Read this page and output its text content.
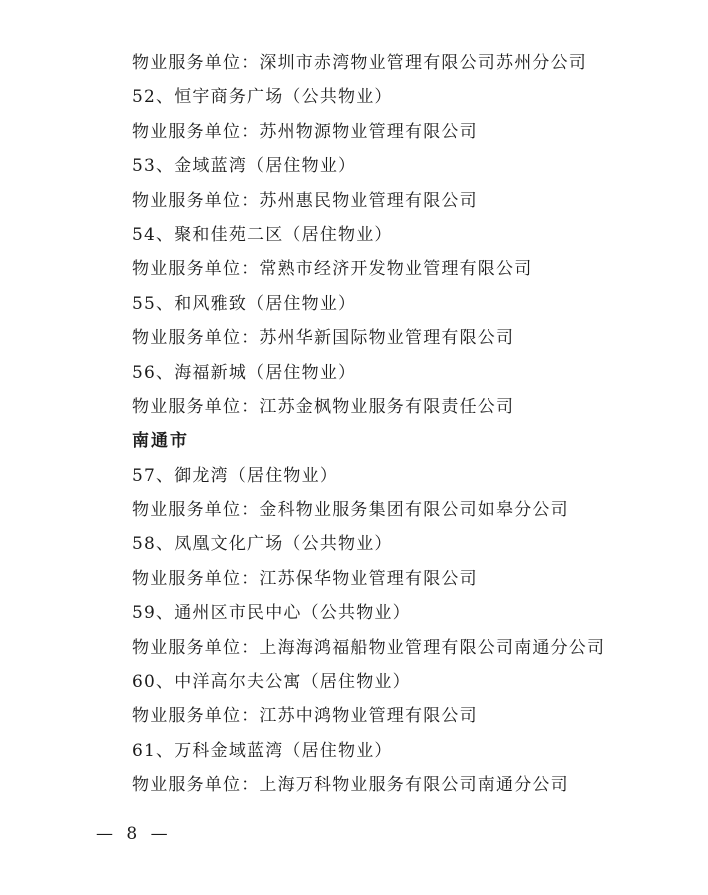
物业服务单位：深圳市赤湾物业管理有限公司苏州分公司
52、恒宇商务广场（公共物业）
物业服务单位：苏州物源物业管理有限公司
53、金域蓝湾（居住物业）
物业服务单位：苏州惠民物业管理有限公司
54、聚和佳苑二区（居住物业）
物业服务单位：常熟市经济开发物业管理有限公司
55、和风雅致（居住物业）
物业服务单位：苏州华新国际物业管理有限公司
56、海福新城（居住物业）
物业服务单位：江苏金枫物业服务有限责任公司
南通市
57、御龙湾（居住物业）
物业服务单位：金科物业服务集团有限公司如皋分公司
58、凤凰文化广场（公共物业）
物业服务单位：江苏保华物业管理有限公司
59、通州区市民中心（公共物业）
物业服务单位：上海海鸿福船物业管理有限公司南通分公司
60、中洋高尔夫公寓（居住物业）
物业服务单位：江苏中鸿物业管理有限公司
61、万科金域蓝湾（居住物业）
物业服务单位：上海万科物业服务有限公司南通分公司
— 8 —
